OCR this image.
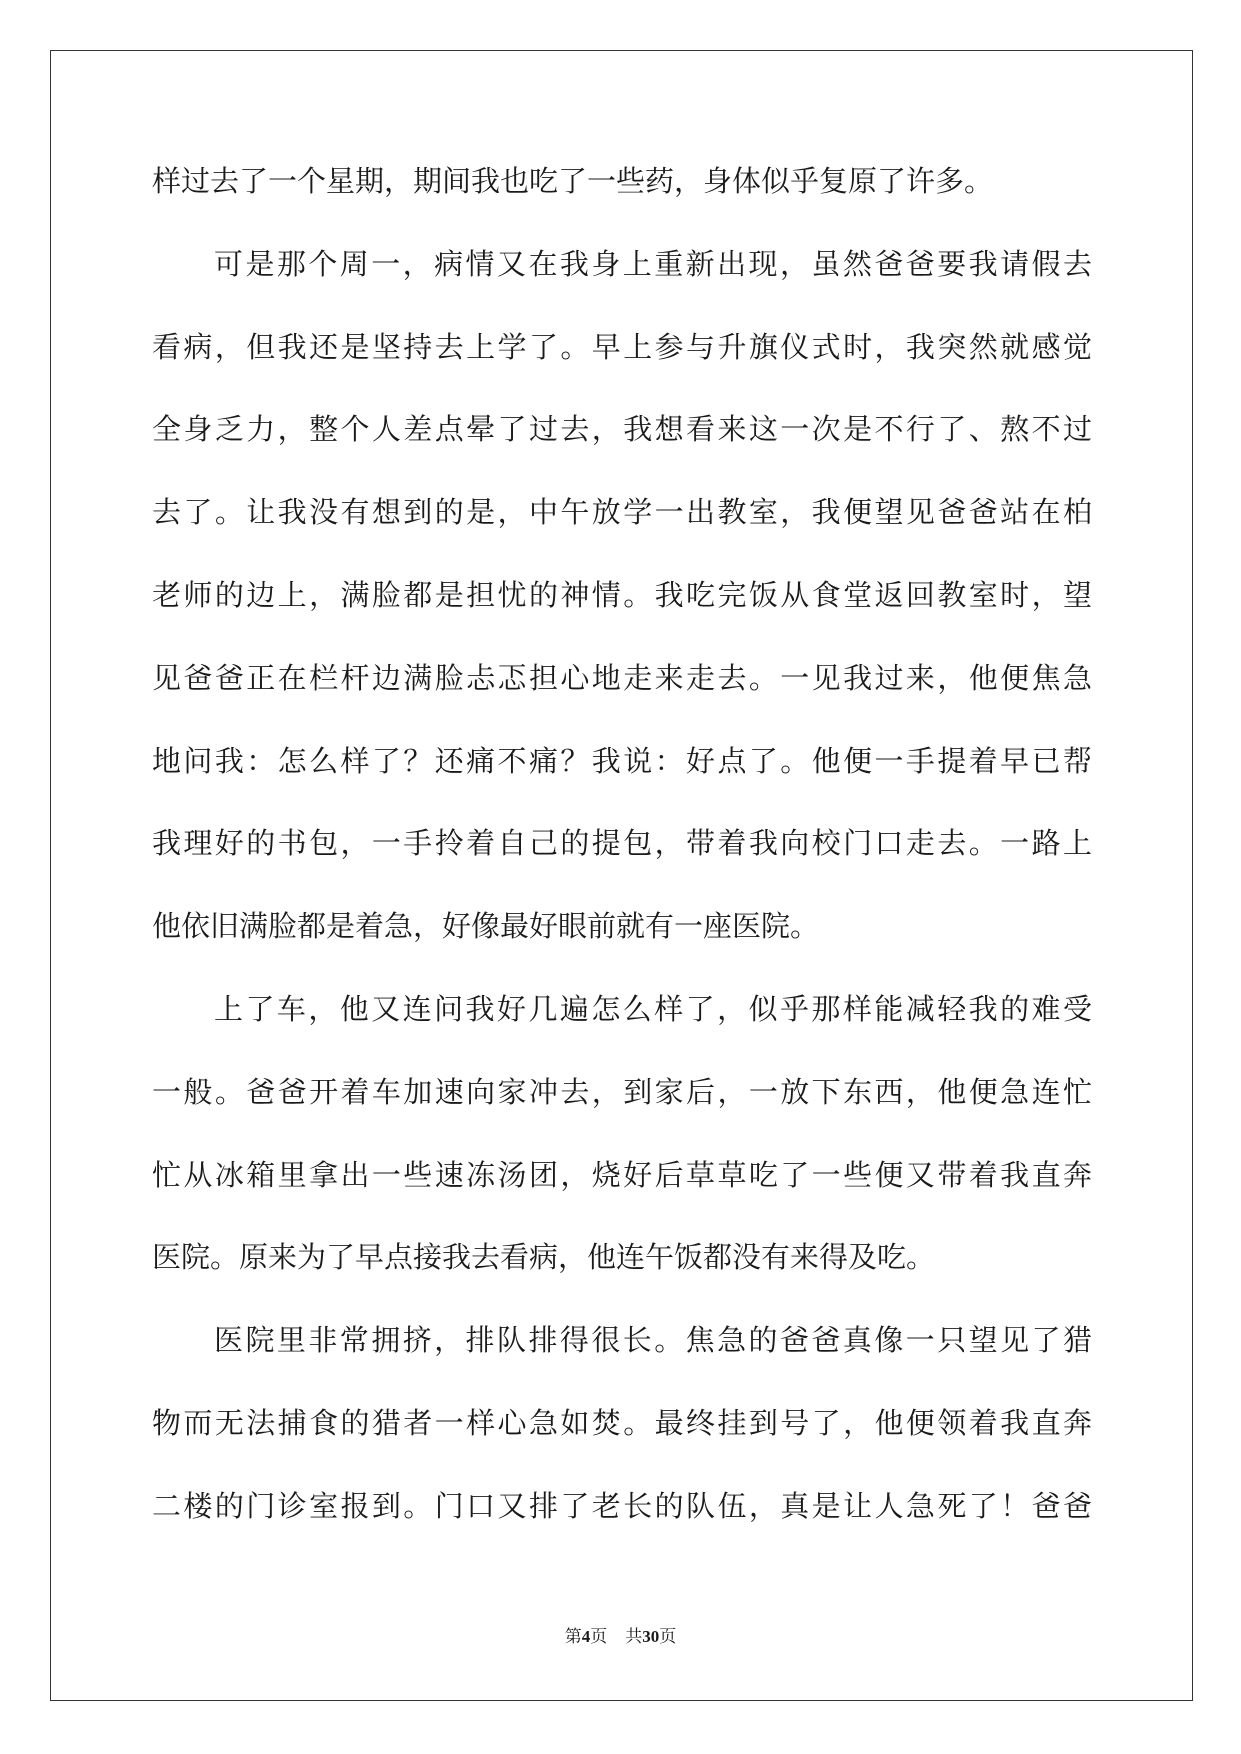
样过去了一个星期，期间我也吃了一些药，身体似乎复原了许多。
可是那个周一，病情又在我身上重新出现，虽然爸爸要我请假去
看病，但我还是坚持去上学了。早上参与升旗仪式时，我突然就感觉
全身乏力，整个人差点晕了过去，我想看来这一次是不行了、熬不过
去了。让我没有想到的是，中午放学一出教室，我便望见爸爸站在柏
老师的边上，满脸都是担忧的神情。我吃完饭从食堂返回教室时，望
见爸爸正在栏杆边满脸忐忑担心地走来走去。一见我过来，他便焦急
地问我：怎么样了？还痛不痛？我说：好点了。他便一手提着早已帮
我理好的书包，一手拎着自己的提包，带着我向校门口走去。一路上
他依旧满脸都是着急，好像最好眼前就有一座医院。
上了车，他又连问我好几遍怎么样了，似乎那样能减轻我的难受
一般。爸爸开着车加速向家冲去，到家后，一放下东西，他便急连忙
忙从冰箱里拿出一些速冻汤团，烧好后草草吃了一些便又带着我直奔
医院。原来为了早点接我去看病，他连午饭都没有来得及吃。
医院里非常拥挤，排队排得很长。焦急的爸爸真像一只望见了猎
物而无法捕食的猎者一样心急如焚。最终挂到号了，他便领着我直奔
二楼的门诊室报到。门口又排了老长的队伍，真是让人急死了！爸爸
第4页 共30页
